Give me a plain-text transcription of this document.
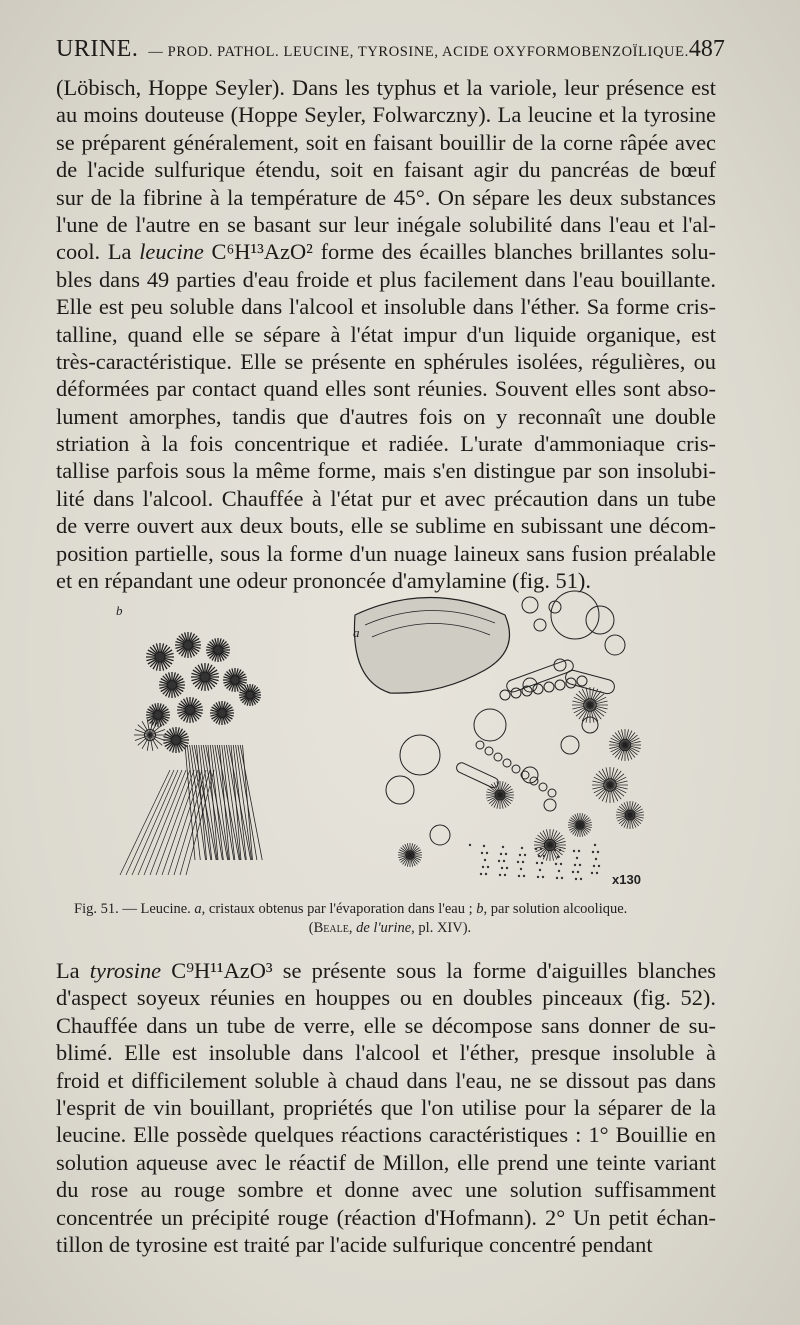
URINE. — PROD. PATHOL. LEUCINE, TYROSINE, ACIDE OXYFORMOBENZOÏLIQUE. 487
(Löbisch, Hoppe Seyler). Dans les typhus et la variole, leur présence est
au moins douteuse (Hoppe Seyler, Folwarczny). La leucine et la tyrosine
se préparent généralement, soit en faisant bouillir de la corne râpée avec
de l'acide sulfurique étendu, soit en faisant agir du pancréas de bœuf
sur de la fibrine à la température de 45°. On sépare les deux substances
l'une de l'autre en se basant sur leur inégale solubilité dans l'eau et l'al-
cool. La leucine C⁶H¹³AzO² forme des écailles blanches brillantes solu-
bles dans 49 parties d'eau froide et plus facilement dans l'eau bouillante.
Elle est peu soluble dans l'alcool et insoluble dans l'éther. Sa forme cris-
talline, quand elle se sépare à l'état impur d'un liquide organique, est
très-caractéristique. Elle se présente en sphérules isolées, régulières, ou
déformées par contact quand elles sont réunies. Souvent elles sont abso-
lument amorphes, tandis que d'autres fois on y reconnaît une double
striation à la fois concentrique et radiée. L'urate d'ammoniaque cris-
tallise parfois sous la même forme, mais s'en distingue par son insolubi-
lité dans l'alcool. Chauffée à l'état pur et avec précaution dans un tube
de verre ouvert aux deux bouts, elle se sublime en subissant une décom-
position partielle, sous la forme d'un nuage laineux sans fusion préalable
et en répandant une odeur prononcée d'amylamine (fig. 51).
a
b
x130
Fig. 51. — Leucine. a, cristaux obtenus par l'évaporation dans l'eau ; b, par solution alcoolique.
(Beale, de l'urine, pl. XIV).
La tyrosine C⁹H¹¹AzO³ se présente sous la forme d'aiguilles blanches
d'aspect soyeux réunies en houppes ou en doubles pinceaux (fig. 52).
Chauffée dans un tube de verre, elle se décompose sans donner de su-
blimé. Elle est insoluble dans l'alcool et l'éther, presque insoluble à
froid et difficilement soluble à chaud dans l'eau, ne se dissout pas dans
l'esprit de vin bouillant, propriétés que l'on utilise pour la séparer de la
leucine. Elle possède quelques réactions caractéristiques : 1° Bouillie en
solution aqueuse avec le réactif de Millon, elle prend une teinte variant
du rose au rouge sombre et donne avec une solution suffisamment
concentrée un précipité rouge (réaction d'Hofmann). 2° Un petit échan-
tillon de tyrosine est traité par l'acide sulfurique concentré pendant
